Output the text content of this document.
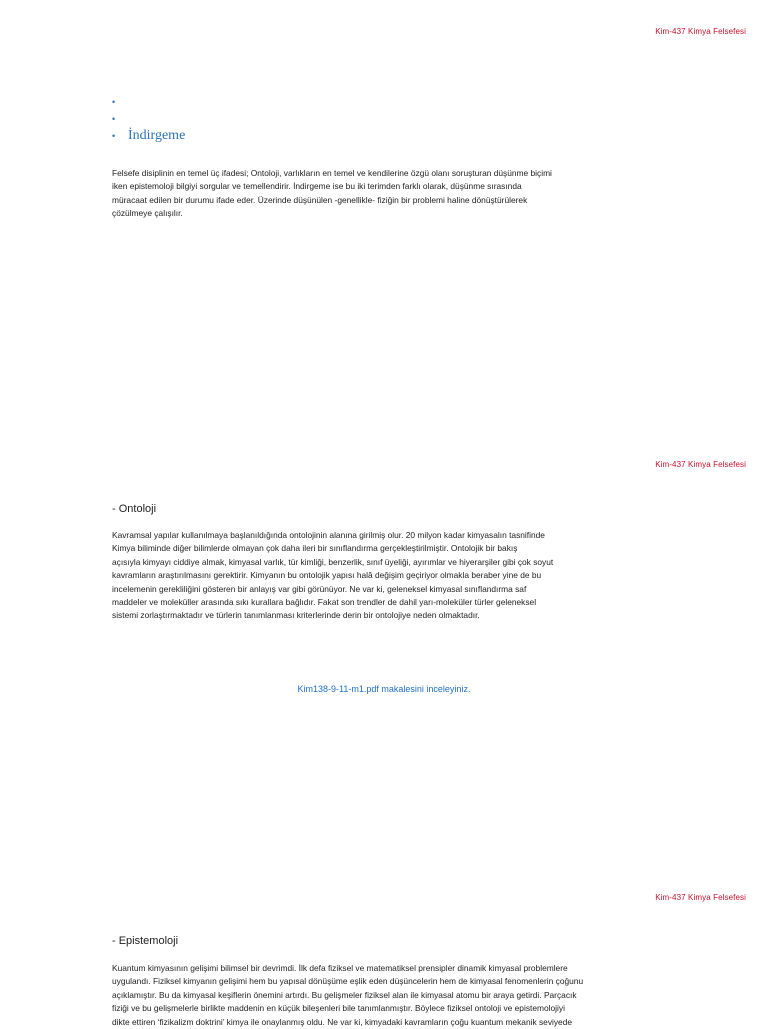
Kim-437 Kimya Felsefesi
•
•
• İndirgeme

Felsefe disiplinin en temel üç ifadesi; Ontoloji, varlıkların en temel ve kendilerine özgü olanı soruşturan düşünme biçimi
iken epistemoloji bilgiyi sorgular ve temellendirir. İndirgeme ise bu iki terimden farklı olarak, düşünme sırasında
müracaat edilen bir durumu ifade eder. Üzerinde düşünülen -genellikle- fiziğin bir problemi haline dönüştürülerek
çözülmeye çalışılır.

Kim-437 Kimya Felsefesi
- Ontoloji

Kavramsal yapılar kullanılmaya başlanıldığında ontolojinin alanına girilmiş olur. 20 milyon kadar kimyasalın tasnifinde
Kimya biliminde diğer bilimlerde olmayan çok daha ileri bir sınıflandırma gerçekleştirilmiştir. Ontolojik bir bakış
açısıyla kimyayı ciddiye almak, kimyasal varlık, tür kimliği, benzerlik, sınıf üyeliği, ayırımlar ve hiyerarşiler gibi çok soyut
kavramların araştırılmasını gerektirir. Kimyanın bu ontolojik yapısı halâ değişim geçiriyor olmakla beraber yine de bu
incelemenin gerekliliğini gösteren bir anlayış var gibi görünüyor. Ne var ki, geleneksel kimyasal sınıflandırma saf
maddeler ve moleküller arasında sıkı kurallara bağlıdır. Fakat son trendler de dahil yarı-moleküler türler geleneksel
sistemi zorlaştırmaktadır ve türlerin tanımlanması kriterlerinde derin bir ontolojiye neden olmaktadır.

Kim138-9-11-m1.pdf makalesini inceleyiniz.
Kim-437 Kimya Felsefesi
- Epistemoloji

Kuantum kimyasının gelişimi bilimsel bir devrimdi. İlk defa fiziksel ve matematiksel prensipler dinamik kimyasal problemlere
uygulandı. Fiziksel kimyanın gelişimi hem bu yapısal dönüşüme eşlik eden düşüncelerin hem de kimyasal fenomenlerin çoğunu
açıklamıştır. Bu da kimyasal keşiflerin önemini artırdı. Bu gelişmeler fiziksel alan ile kimyasal atomu bir araya getirdi. Parçacık
fiziği ve bu gelişmelerle birlikte maddenin en küçük bileşenleri bile tanımlanmıştır. Böylece fiziksel ontoloji ve epistemolojiyi
dikte ettiren ‘fizikalizm doktrini’ kimya ile onaylanmış oldu. Ne var ki, kimyadaki kavramların çoğu kuantum mekanik seviyede
